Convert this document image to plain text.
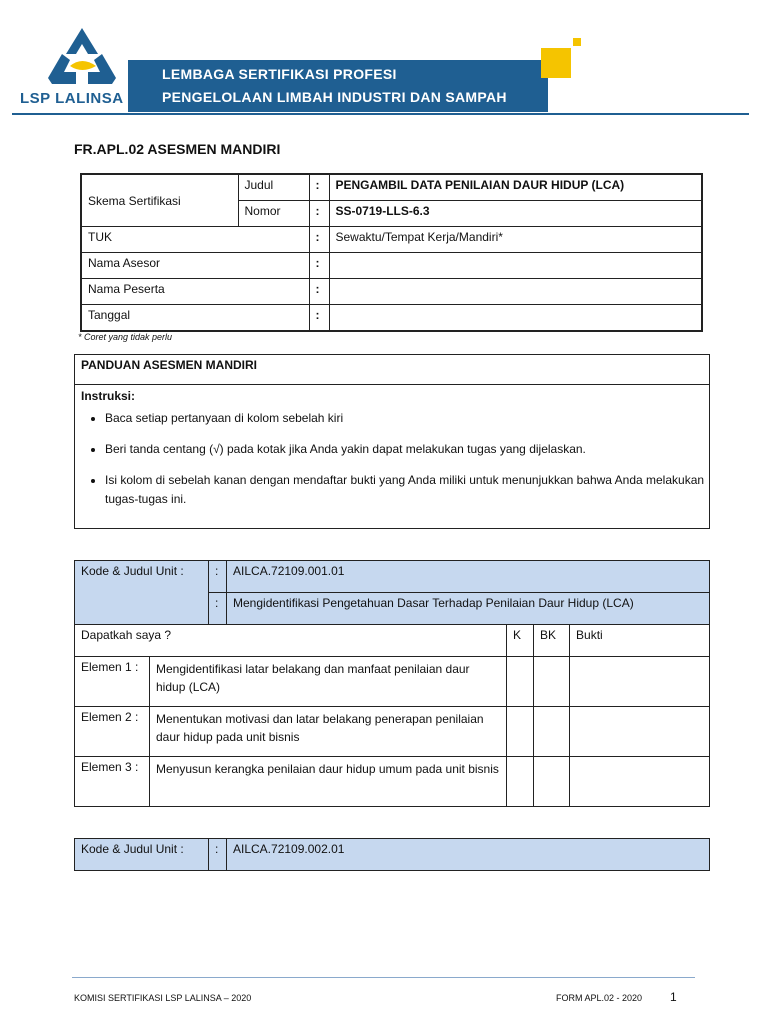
LSP LALINSA
LEMBAGA SERTIFIKASI PROFESI
PENGELOLAAN LIMBAH INDUSTRI DAN SAMPAH
FR.APL.02 ASESMEN MANDIRI
Skema Sertifikasi	Judul	:	PENGAMBIL DATA PENILAIAN DAUR HIDUP (LCA)
	Nomor	:	SS-0719-LLS-6.3
TUK		:	Sewaktu/Tempat Kerja/Mandiri*
Nama Asesor		:	
Nama Peserta		:	
Tanggal		:	
* Coret yang tidak perlu
PANDUAN ASESMEN MANDIRI
Instruksi:
• Baca setiap pertanyaan di kolom sebelah kiri
• Beri tanda centang (√) pada kotak jika Anda yakin dapat melakukan tugas yang dijelaskan.
• Isi kolom di sebelah kanan dengan mendaftar bukti yang Anda miliki untuk menunjukkan bahwa Anda melakukan tugas-tugas ini.
Kode & Judul Unit :		:	AILCA.72109.001.01			
		:	Mengidentifikasi Pengetahuan Dasar Terhadap Penilaian Daur Hidup (LCA)			
Dapatkah saya ?				K	BK	Bukti
Elemen 1 :	Mengidentifikasi latar belakang dan manfaat penilaian daur hidup (LCA)					
Elemen 2 :	Menentukan motivasi dan latar belakang penerapan penilaian daur hidup pada unit bisnis					
Elemen 3 :	Menyusun kerangka penilaian daur hidup umum pada unit bisnis					
Kode & Judul Unit :	:	AILCA.72109.002.01
KOMISI SERTIFIKASI LSP LALINSA – 2020	FORM APL.02 - 2020 1
